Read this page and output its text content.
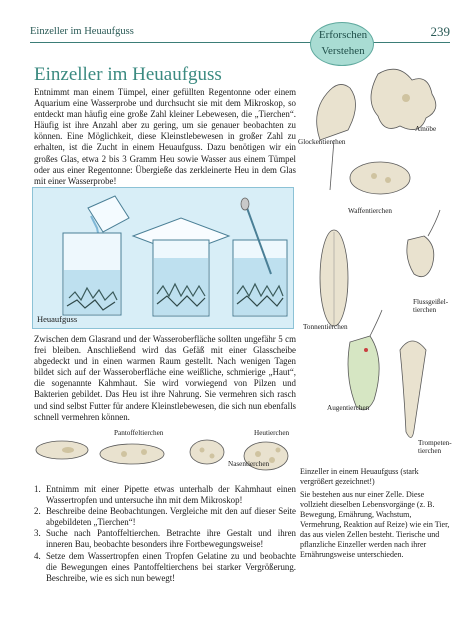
Einzeller im Heuaufguss	Erforschen
Verstehen
239
Einzeller im Heuaufguss

Entnimmt man einem Tümpel, einer gefüllten Regentonne oder einem Aquarium eine Wasserprobe und durchsucht sie mit dem Mikroskop, so entdeckt man häufig eine große Zahl kleiner Lebewesen, die „Tierchen“. Häufig ist ihre Anzahl aber zu gering, um sie genauer beobachten zu können. Eine Möglichkeit, diese Kleinstlebewesen in großer Zahl zu erhalten, ist die Zucht in einem Heuaufguss. Dazu benötigen wir ein großes Glas, etwa 2 bis 3 Gramm Heu sowie Wasser aus einem Tümpel oder aus einer Regentonne: Übergieße das zerkleinerte Heu in dem Glas mit einer Wasserprobe!

Heuaufguss

Zwischen dem Glasrand und der Wasseroberfläche sollten ungefähr 5 cm frei bleiben. Anschließend wird das Gefäß mit einer Glasscheibe abgedeckt und in einen warmen Raum gestellt. Nach wenigen Tagen bildet sich auf der Wasseroberfläche eine weißliche, schmierige „Haut“, die sogenannte Kahmhaut. Sie wird vorwiegend von Pilzen und Bakterien gebildet. Das Heu ist ihre Nahrung. Sie vermehren sich rasch und sind selbst Futter für andere Kleinstlebewesen, die sich nun ebenfalls schnell vermehren können.

Pantoffeltierchen	Heutierchen
Nasentierchen
1. Entnimm mit einer Pipette etwas unterhalb der Kahmhaut einen Wassertropfen und untersuche ihn mit dem Mikroskop!
2. Beschreibe deine Beobachtungen. Vergleiche mit den auf dieser Seite abgebildeten „Tierchen“!
3. Suche nach Pantoffeltierchen. Betrachte ihre Gestalt und ihren inneren Bau, beobachte besonders ihre Fortbewegungsweise!
4. Setze dem Wassertropfen einen Tropfen Gelatine zu und beobachte die Bewegungen eines Pantoffeltierchens bei starker Vergrößerung. Beschreibe, wie es sich nun bewegt!
Glockentierchen
Amöbe
Waffentierchen
Flussgeißel-tierchen
Tonnentierchen
Augentierchen
Trompeten-tierchen
Einzeller in einem Heuaufguss (stark vergrößert gezeichnet!)
Sie bestehen aus nur einer Zelle. Diese vollzieht dieselben Lebensvorgänge (z. B. Bewegung, Ernährung, Wachstum, Vermehrung, Reaktion auf Reize) wie ein Tier, das aus vielen Zellen besteht. Tierische und pflanzliche Einzeller werden nach ihrer Ernährungsweise unterschieden.
